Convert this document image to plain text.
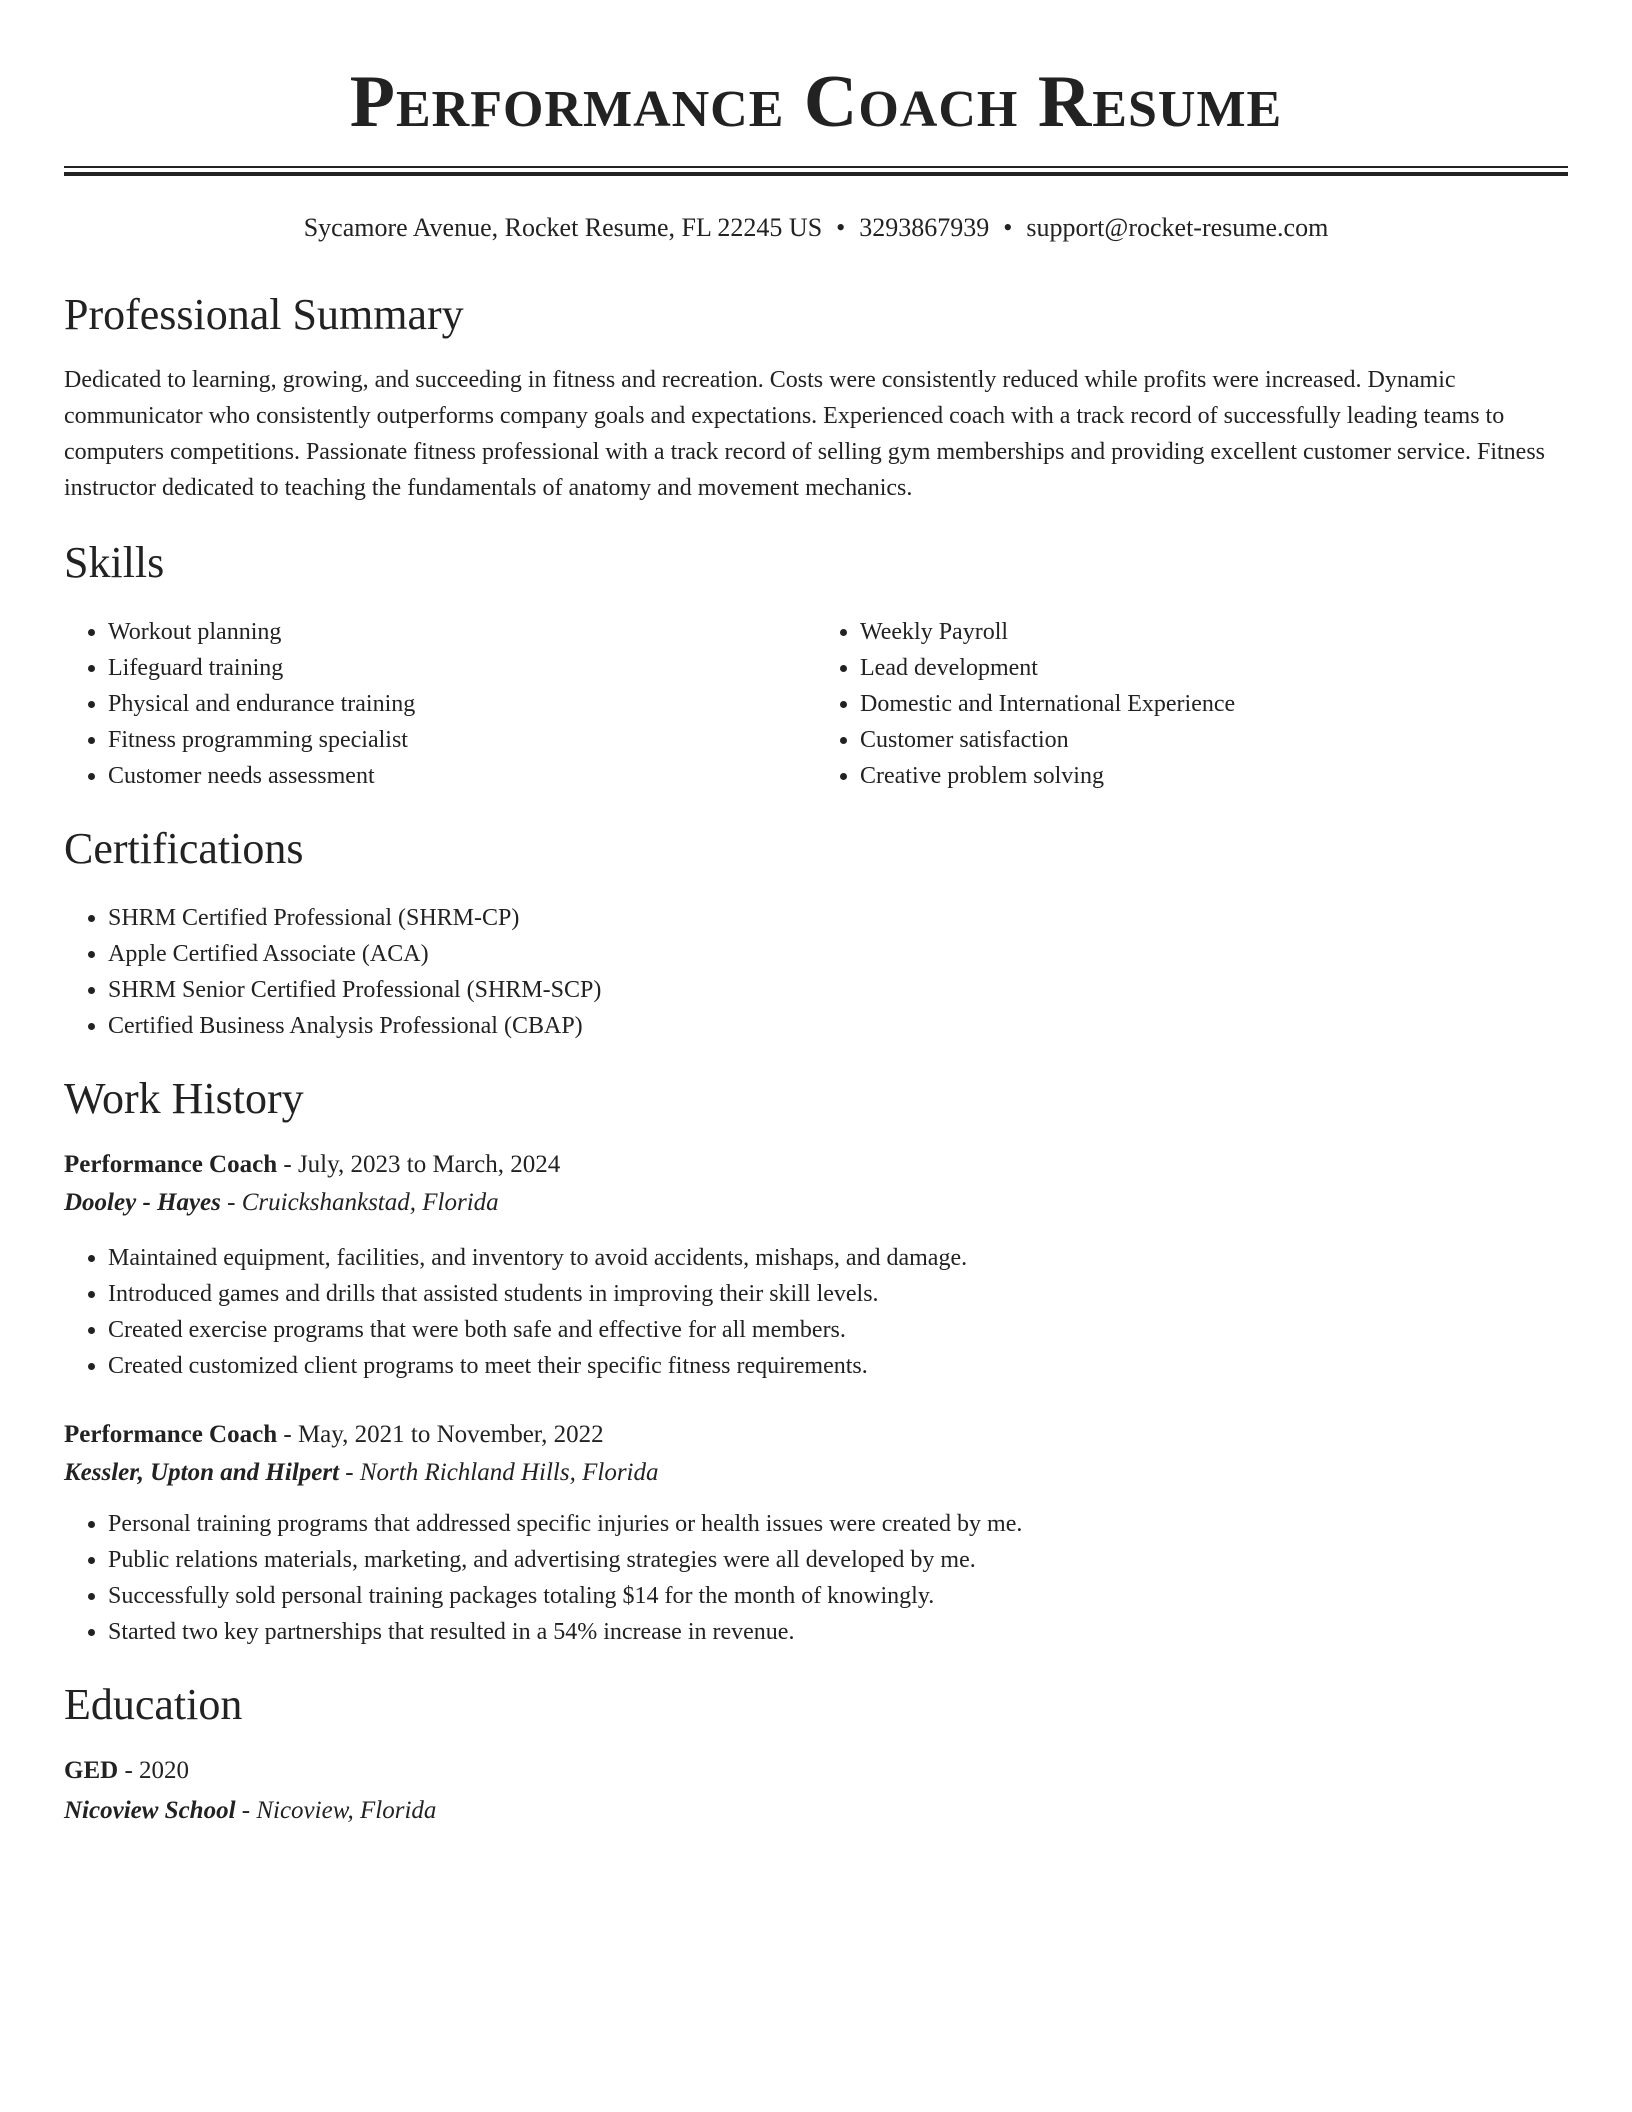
Performance Coach Resume
Sycamore Avenue, Rocket Resume, FL 22245 US • 3293867939 • support@rocket-resume.com
Professional Summary

Dedicated to learning, growing, and succeeding in fitness and recreation. Costs were consistently reduced while profits were increased. Dynamic communicator who consistently outperforms company goals and expectations. Experienced coach with a track record of successfully leading teams to computers competitions. Passionate fitness professional with a track record of selling gym memberships and providing excellent customer service. Fitness instructor dedicated to teaching the fundamentals of anatomy and movement mechanics.

Skills
• Workout planning
• Lifeguard training
• Physical and endurance training
• Fitness programming specialist
• Customer needs assessment
• Weekly Payroll
• Lead development
• Domestic and International Experience
• Customer satisfaction
• Creative problem solving
Certifications
• SHRM Certified Professional (SHRM-CP)
• Apple Certified Associate (ACA)
• SHRM Senior Certified Professional (SHRM-SCP)
• Certified Business Analysis Professional (CBAP)
Work History
Performance Coach - July, 2023 to March, 2024
Dooley - Hayes - Cruickshankstad, Florida
• Maintained equipment, facilities, and inventory to avoid accidents, mishaps, and damage.
• Introduced games and drills that assisted students in improving their skill levels.
• Created exercise programs that were both safe and effective for all members.
• Created customized client programs to meet their specific fitness requirements.
Performance Coach - May, 2021 to November, 2022
Kessler, Upton and Hilpert - North Richland Hills, Florida
• Personal training programs that addressed specific injuries or health issues were created by me.
• Public relations materials, marketing, and advertising strategies were all developed by me.
• Successfully sold personal training packages totaling $14 for the month of knowingly.
• Started two key partnerships that resulted in a 54% increase in revenue.
Education
GED - 2020
Nicoview School - Nicoview, Florida
